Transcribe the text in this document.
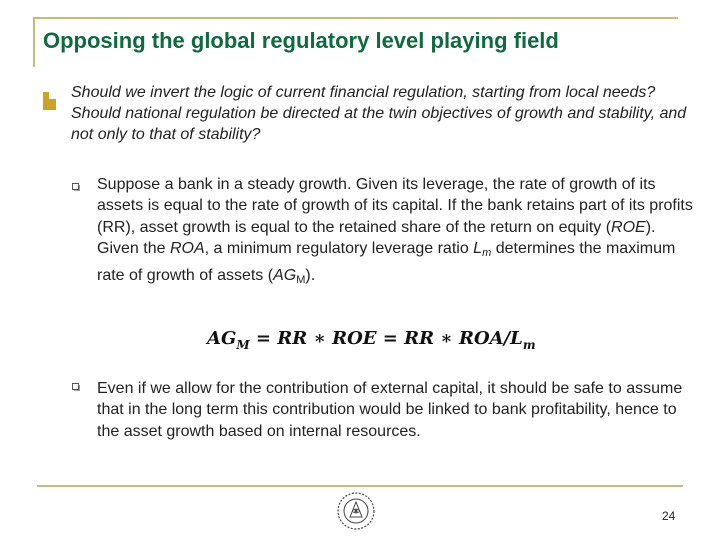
Opposing the global regulatory level playing field
Should we invert the logic of current financial regulation, starting from local needs? Should national regulation be directed at the twin objectives of growth and stability, and not only to that of stability?
Suppose a bank in a steady growth. Given its leverage, the rate of growth of its assets is equal to the rate of growth of its capital. If the bank retains part of its profits (RR), asset growth is equal to the retained share of the return on equity (ROE). Given the ROA, a minimum regulatory leverage ratio $L_m$ determines the maximum rate of growth of assets $(AG_M)$.
$AG_M$ = RR ∗ ROE = RR ∗ ROA/$L_m$
Even if we allow for the contribution of external capital, it should be safe to assume that in the long term this contribution would be linked to bank profitability, hence to the asset growth based on internal resources.
24
